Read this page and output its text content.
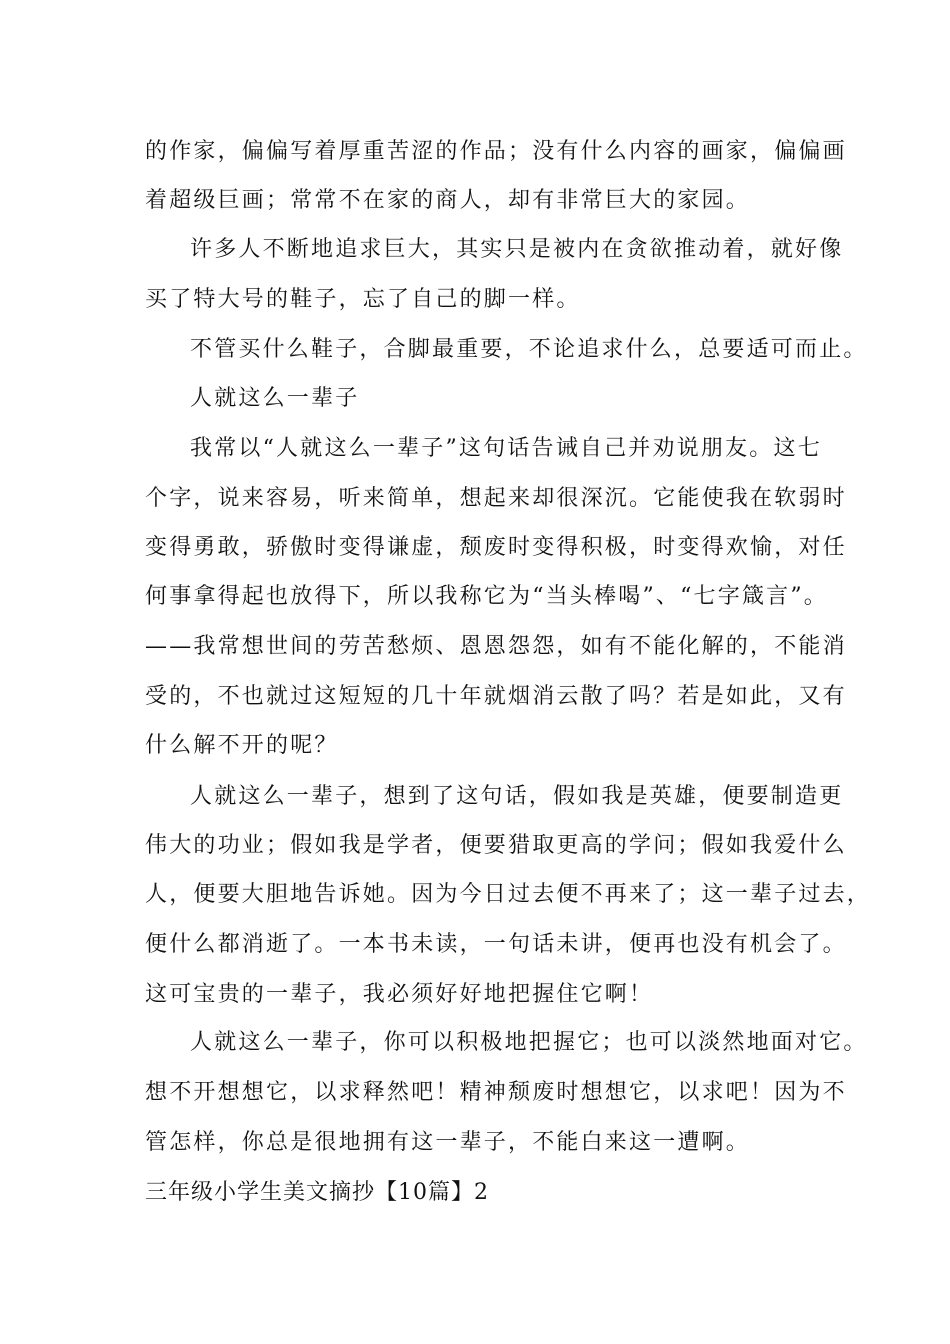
的作家，偏偏写着厚重苦涩的作品；没有什么内容的画家，偏偏画
着超级巨画；常常不在家的商人，却有非常巨大的家园。
许多人不断地追求巨大，其实只是被内在贪欲推动着，就好像
买了特大号的鞋子，忘了自己的脚一样。
不管买什么鞋子，合脚最重要，不论追求什么，总要适可而止。
人就这么一辈子
我常以“人就这么一辈子”这句话告诫自己并劝说朋友。这七
个字，说来容易，听来简单，想起来却很深沉。它能使我在软弱时
变得勇敢，骄傲时变得谦虚，颓废时变得积极，时变得欢愉，对任
何事拿得起也放得下，所以我称它为“当头棒喝”、“七字箴言”。
——我常想世间的劳苦愁烦、恩恩怨怨，如有不能化解的，不能消
受的，不也就过这短短的几十年就烟消云散了吗？若是如此，又有
什么解不开的呢？
人就这么一辈子，想到了这句话，假如我是英雄，便要制造更
伟大的功业；假如我是学者，便要猎取更高的学问；假如我爱什么
人，便要大胆地告诉她。因为今日过去便不再来了；这一辈子过去，
便什么都消逝了。一本书未读，一句话未讲，便再也没有机会了。
这可宝贵的一辈子，我必须好好地把握住它啊！
人就这么一辈子，你可以积极地把握它；也可以淡然地面对它。
想不开想想它，以求释然吧！精神颓废时想想它，以求吧！因为不
管怎样，你总是很地拥有这一辈子，不能白来这一遭啊。
三年级小学生美文摘抄【10篇】2
